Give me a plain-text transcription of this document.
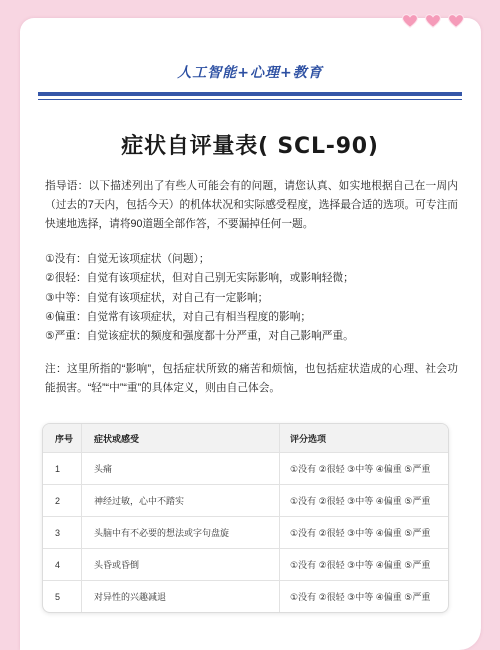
人工智能+心理+教育
症状自评量表( SCL-90)

指导语：以下描述列出了有些人可能会有的问题，请您认真、如实地根据自己在一周内（过去的7天内，包括今天）的机体状况和实际感受程度，选择最合适的选项。可专注而快速地选择，请将90道题全部作答，不要漏掉任何一题。

①没有：自觉无该项症状（问题）；
②很轻：自觉有该项症状，但对自己别无实际影响，或影响轻微；
③中等：自觉有该项症状，对自己有一定影响；
④偏重：自觉常有该项症状，对自己有相当程度的影响；
⑤严重：自觉该症状的频度和强度都十分严重，对自己影响严重。

注：这里所指的“影响”，包括症状所致的痛苦和烦恼，也包括症状造成的心理、社会功能损害。“轻”“中”“重”的具体定义，则由自己体会。

序号	症状或感受	评分选项
1	头痛	①没有 ②很轻 ③中等 ④偏重 ⑤严重
2	神经过敏，心中不踏实	①没有 ②很轻 ③中等 ④偏重 ⑤严重
3	头脑中有不必要的想法或字句盘旋	①没有 ②很轻 ③中等 ④偏重 ⑤严重
4	头昏或昏倒	①没有 ②很轻 ③中等 ④偏重 ⑤严重
5	对异性的兴趣减退	①没有 ②很轻 ③中等 ④偏重 ⑤严重
